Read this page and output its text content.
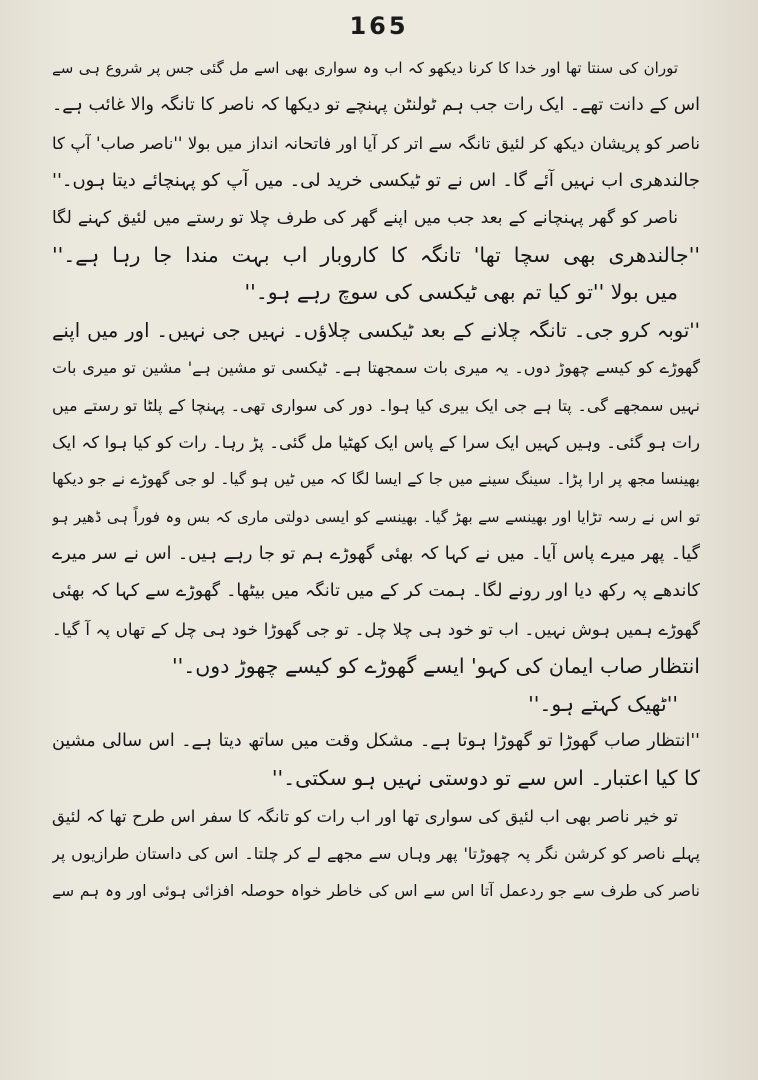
165
توران کی سنتا تھا اور خدا کا کرنا دیکھو کہ اب وہ سواری بھی اسے مل گئی جس پر شروع ہی سے
اس کے دانت تھے۔ ایک رات جب ہم ٹولنٹن پہنچے تو دیکھا کہ ناصر کا تانگہ والا غائب ہے۔
ناصر کو پریشان دیکھ کر لئیق تانگہ سے اتر کر آیا اور فاتحانہ انداز میں بولا ''ناصر صاب' آپ کا
جالندھری اب نہیں آئے گا۔ اس نے تو ٹیکسی خرید لی۔ میں آپ کو پہنچائے دیتا ہوں۔''
ناصر کو گھر پہنچانے کے بعد جب میں اپنے گھر کی طرف چلا تو رستے میں لئیق کہنے لگا
''جالندھری بھی سچا تھا' تانگہ کا کاروبار اب بہت مندا جا رہا ہے۔''
میں بولا ''تو کیا تم بھی ٹیکسی کی سوچ رہے ہو۔''
''توبہ کرو جی۔ تانگہ چلانے کے بعد ٹیکسی چلاؤں۔ نہیں جی نہیں۔ اور میں اپنے
گھوڑے کو کیسے چھوڑ دوں۔ یہ میری بات سمجھتا ہے۔ ٹیکسی تو مشین ہے' مشین تو میری بات
نہیں سمجھے گی۔ پتا ہے جی ایک بیری کیا ہوا۔ دور کی سواری تھی۔ پہنچا کے پلٹا تو رستے میں
رات ہو گئی۔ وہیں کہیں ایک سرا کے پاس ایک کھٹیا مل گئی۔ پڑ رہا۔ رات کو کیا ہوا کہ ایک
بھینسا مجھ پر ارا پڑا۔ سینگ سینے میں جا کے ایسا لگا کہ میں ٹیں ہو گیا۔ لو جی گھوڑے نے جو دیکھا
تو اس نے رسہ تڑایا اور بھینسے سے بھڑ گیا۔ بھینسے کو ایسی دولتی ماری کہ بس وہ فوراً ہی ڈھیر ہو
گیا۔ پھر میرے پاس آیا۔ میں نے کہا کہ بھئی گھوڑے ہم تو جا رہے ہیں۔ اس نے سر میرے
کاندھے پہ رکھ دیا اور رونے لگا۔ ہمت کر کے میں تانگہ میں بیٹھا۔ گھوڑے سے کہا کہ بھئی
گھوڑے ہمیں ہوش نہیں۔ اب تو خود ہی چلا چل۔ تو جی گھوڑا خود ہی چل کے تھاں پہ آ گیا۔
انتظار صاب ایمان کی کہو' ایسے گھوڑے کو کیسے چھوڑ دوں۔''
''ٹھیک کہتے ہو۔''
''انتظار صاب گھوڑا تو گھوڑا ہوتا ہے۔ مشکل وقت میں ساتھ دیتا ہے۔ اس سالی مشین
کا کیا اعتبار۔ اس سے تو دوستی نہیں ہو سکتی۔''
تو خیر ناصر بھی اب لئیق کی سواری تھا اور اب رات کو تانگہ کا سفر اس طرح تھا کہ لئیق
پہلے ناصر کو کرشن نگر پہ چھوڑتا' پھر وہاں سے مجھے لے کر چلتا۔ اس کی داستان طرازیوں پر
ناصر کی طرف سے جو ردعمل آتا اس سے اس کی خاطر خواہ حوصلہ افزائی ہوئی اور وہ ہم سے
